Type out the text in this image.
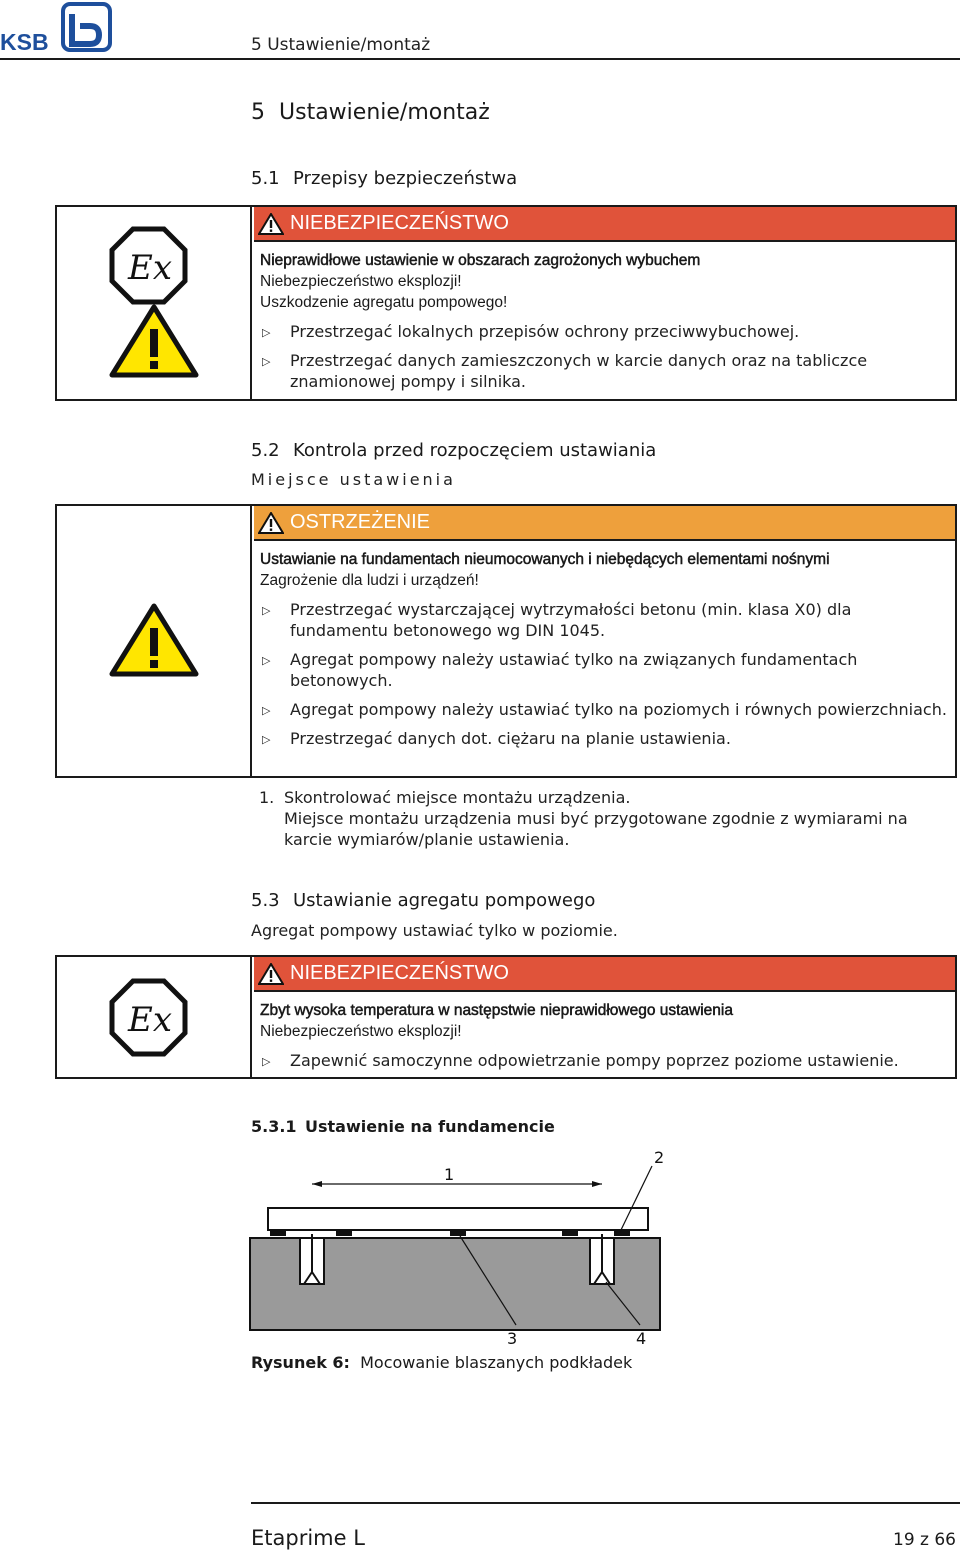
KSB	5 Ustawienie/montaż
5 Ustawienie/montaż
5.1 Przepisy bezpieczeństwa
Ex
NIEBEZPIECZEŃSTWO
Nieprawidłowe ustawienie w obszarach zagrożonych wybuchem
Niebezpieczeństwo eksplozji!
Uszkodzenie agregatu pompowego!
▷ Przestrzegać lokalnych przepisów ochrony przeciwwybuchowej.
▷ Przestrzegać danych zamieszczonych w karcie danych oraz na tabliczce znamionowej pompy i silnika.
5.2 Kontrola przed rozpoczęciem ustawiania
Miejsce ustawienia
OSTRZEŻENIE
Ustawianie na fundamentach nieumocowanych i niebędących elementami nośnymi
Zagrożenie dla ludzi i urządzeń!
▷ Przestrzegać wystarczającej wytrzymałości betonu (min. klasa X0) dla fundamentu betonowego wg DIN 1045.
▷ Agregat pompowy należy ustawiać tylko na związanych fundamentach betonowych.
▷ Agregat pompowy należy ustawiać tylko na poziomych i równych powierzchniach.
▷ Przestrzegać danych dot. ciężaru na planie ustawienia.
1. Skontrolować miejsce montażu urządzenia.
Miejsce montażu urządzenia musi być przygotowane zgodnie z wymiarami na karcie wymiarów/planie ustawienia.
5.3 Ustawianie agregatu pompowego
Agregat pompowy ustawiać tylko w poziomie.
Ex
NIEBEZPIECZEŃSTWO
Zbyt wysoka temperatura w następstwie nieprawidłowego ustawienia
Niebezpieczeństwo eksplozji!
▷ Zapewnić samoczynne odpowietrzanie pompy poprzez poziome ustawienie.
5.3.1 Ustawienie na fundamencie
1
2
3	4
Rysunek 6: Mocowanie blaszanych podkładek
Etaprime L	19 z 66
